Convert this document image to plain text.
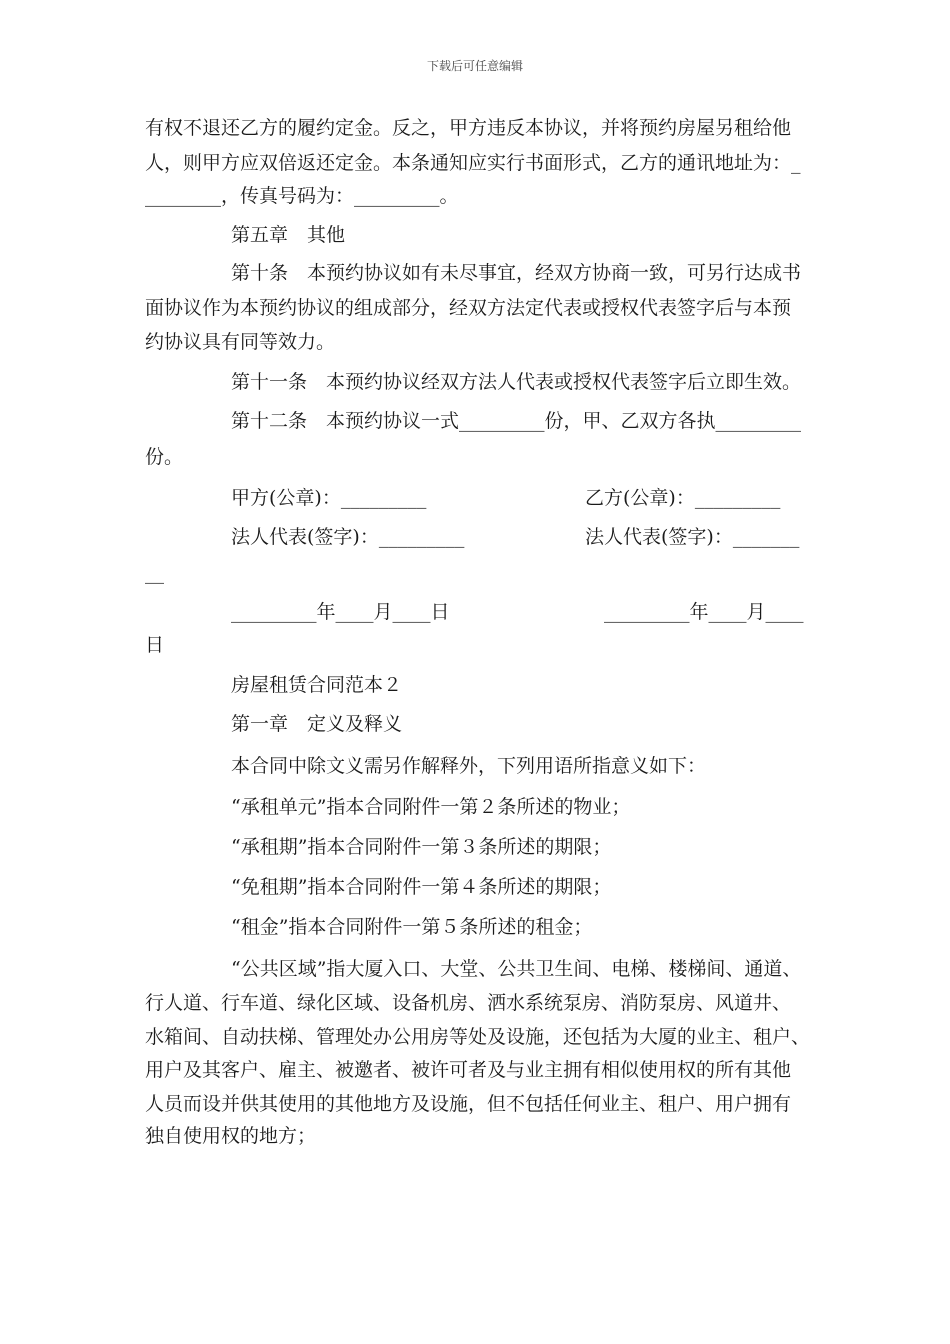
下载后可任意编辑
有权不退还乙方的履约定金。反之，甲方违反本协议，并将预约房屋另租给他
人，则甲方应双倍返还定金。本条通知应实行书面形式，乙方的通讯地址为：_
________，传真号码为：_________。
第五章　其他
第十条　本预约协议如有未尽事宜，经双方协商一致，可另行达成书
面协议作为本预约协议的组成部分，经双方法定代表或授权代表签字后与本预
约协议具有同等效力。
第十一条　本预约协议经双方法人代表或授权代表签字后立即生效。
第十二条　本预约协议一式_________份，甲、乙双方各执_________
份。
甲方(公章)：_________	乙方(公章)：_________
法人代表(签字)：_________	法人代表(签字)：_______
__
_________年____月____日	_________年____月____
日
房屋租赁合同范本２
第一章　定义及释义
本合同中除文义需另作解释外，下列用语所指意义如下：
“承租单元”指本合同附件一第２条所述的物业；
“承租期”指本合同附件一第３条所述的期限；
“免租期”指本合同附件一第４条所述的期限；
“租金”指本合同附件一第５条所述的租金；
“公共区域”指大厦入口、大堂、公共卫生间、电梯、楼梯间、通道、
行人道、行车道、绿化区域、设备机房、洒水系统泵房、消防泵房、风道井、
水箱间、自动扶梯、管理处办公用房等处及设施，还包括为大厦的业主、租户、
用户及其客户、雇主、被邀者、被许可者及与业主拥有相似使用权的所有其他
人员而设并供其使用的其他地方及设施，但不包括任何业主、租户、用户拥有
独自使用权的地方；
